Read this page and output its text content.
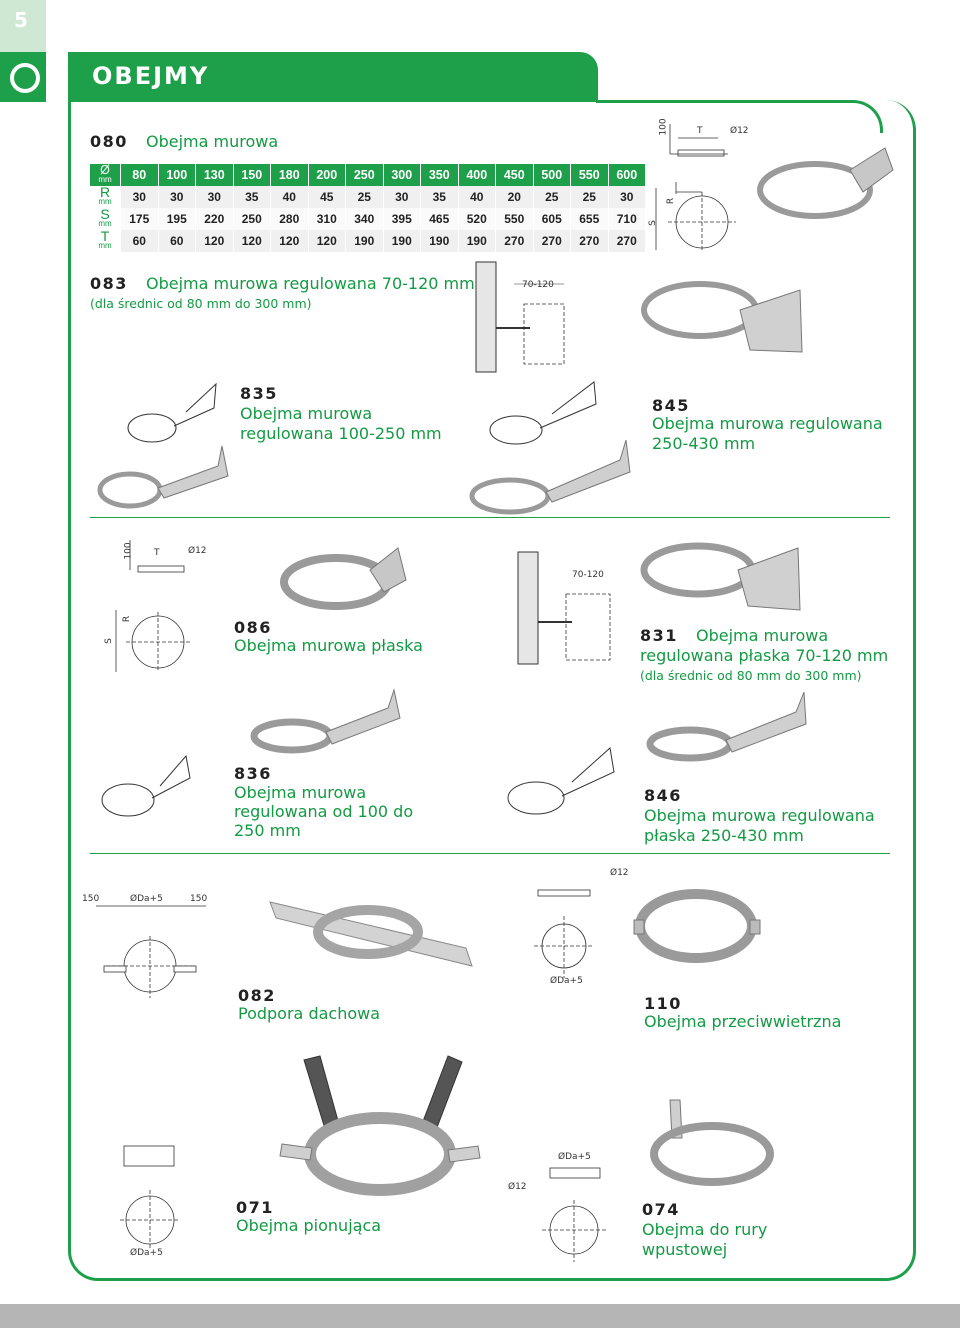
5
OBEJMY
080 Obejma murowa
Ø
mm	80	100	130	150	180	200	250	300	350	400	450	500	550	600
R
mm	30	30	30	35	40	45	25	30	35	40	20	25	25	30
S
mm	175	195	220	250	280	310	340	395	465	520	550	605	655	710
T
mm	60	60	120	120	120	120	190	190	190	190	270	270	270	270
100	T	Ø12
R
S
083 Obejma murowa regulowana 70-120 mm
(dla średnic od 80 mm do 300 mm)
70-120
835
Obejma murowa
regulowana 100-250 mm
845
Obejma murowa regulowana
250-430 mm
100 T	Ø12
R
S
086
Obejma murowa płaska
70-120
831 Obejma murowa
regulowana płaska 70-120 mm
(dla średnic od 80 mm do 300 mm)
836
Obejma murowa
regulowana od 100 do
250 mm
846
Obejma murowa regulowana
płaska 250-430 mm
150	ØDa+5	150
082
Podpora dachowa
Ø12
ØDa+5
110
Obejma przeciwwietrzna
ØDa+5
071
Obejma pionująca
ØDa+5
Ø12
074
Obejma do rury
wpustowej
